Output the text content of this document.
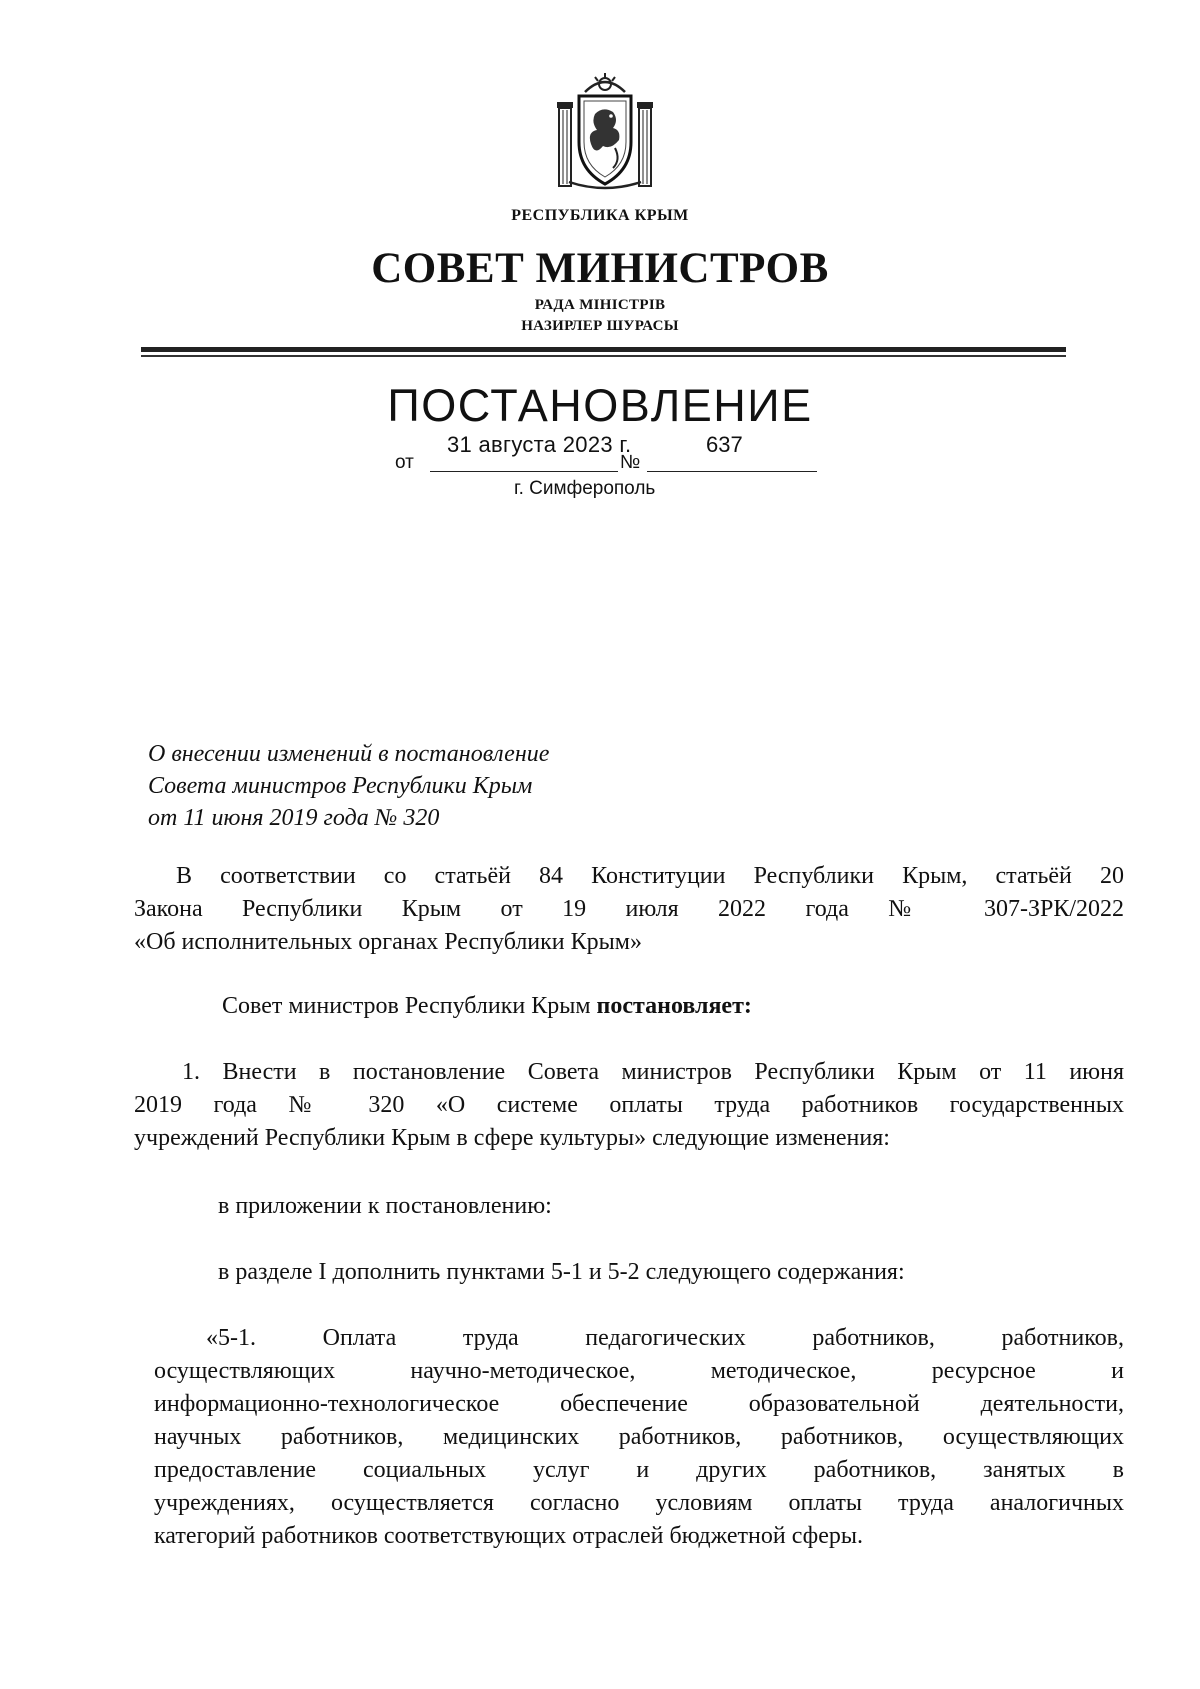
РЕСПУБЛИКА КРЫМ
СОВЕТ МИНИСТРОВ
РАДА МІНІСТРІВ
НАЗИРЛЕР ШУРАСЫ
ПОСТАНОВЛЕНИЕ
от
31 августа 2023 г.
№
637
г. Симферополь
О внесении изменений в постановление
Совета министров Республики Крым
от 11 июня 2019 года № 320
В соответствии со статьёй 84 Конституции Республики Крым, статьёй 20
Закона Республики Крым от 19 июля 2022 года № 307-ЗРК/2022
«Об исполнительных органах Республики Крым»
Совет министров Республики Крым постановляет:
1. Внести в постановление Совета министров Республики Крым от 11 июня
2019 года № 320 «О системе оплаты труда работников государственных
учреждений Республики Крым в сфере культуры» следующие изменения:
в приложении к постановлению:
в разделе I дополнить пунктами 5-1 и 5-2 следующего содержания:
«5-1. Оплата труда педагогических работников, работников,
осуществляющих научно-методическое, методическое, ресурсное и
информационно-технологическое обеспечение образовательной деятельности,
научных работников, медицинских работников, работников, осуществляющих
предоставление социальных услуг и других работников, занятых в
учреждениях, осуществляется согласно условиям оплаты труда аналогичных
категорий работников соответствующих отраслей бюджетной сферы.
